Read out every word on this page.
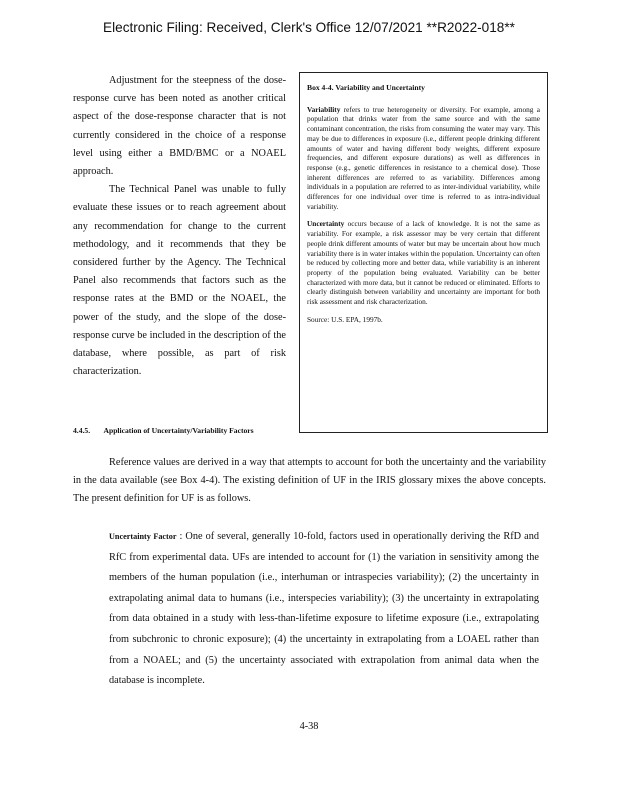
Electronic Filing: Received, Clerk's Office 12/07/2021 **R2022-018**

Adjustment for the steepness of the dose-response curve has been noted as another critical aspect of the dose-response character that is not currently considered in the choice of a response level using either a BMD/BMC or a NOAEL approach.

The Technical Panel was unable to fully evaluate these issues or to reach agreement about any recommendation for change to the current methodology, and it recommends that they be considered further by the Agency. The Technical Panel also recommends that factors such as the response rates at the BMD or the NOAEL, the power of the study, and the slope of the dose-response curve be included in the description of the database, where possible, as part of risk characterization.

Box 4-4. Variability and Uncertainty

Variability refers to true heterogeneity or diversity. For example, among a population that drinks water from the same source and with the same contaminant concentration, the risks from consuming the water may vary. This may be due to differences in exposure (i.e., different people drinking different amounts of water and having different body weights, different exposure frequencies, and different exposure durations) as well as differences in response (e.g., genetic differences in resistance to a chemical dose). Those inherent differences are referred to as variability. Differences among individuals in a population are referred to as inter-individual variability, while differences for one individual over time is referred to as intra-individual variability.

Uncertainty occurs because of a lack of knowledge. It is not the same as variability. For example, a risk assessor may be very certain that different people drink different amounts of water but may be uncertain about how much variability there is in water intakes within the population. Uncertainty can often be reduced by collecting more and better data, while variability is an inherent property of the population being evaluated. Variability can be better characterized with more data, but it cannot be reduced or eliminated. Efforts to clearly distinguish between variability and uncertainty are important for both risk assessment and risk characterization.

Source: U.S. EPA, 1997b.

4.4.5. Application of Uncertainty/Variability Factors

Reference values are derived in a way that attempts to account for both the uncertainty and the variability in the data available (see Box 4-4). The existing definition of UF in the IRIS glossary mixes the above concepts. The present definition for UF is as follows.

Uncertainty Factor : One of several, generally 10-fold, factors used in operationally deriving the RfD and RfC from experimental data. UFs are intended to account for (1) the variation in sensitivity among the members of the human population (i.e., interhuman or intraspecies variability); (2) the uncertainty in extrapolating animal data to humans (i.e., interspecies variability); (3) the uncertainty in extrapolating from data obtained in a study with less-than-lifetime exposure to lifetime exposure (i.e., extrapolating from subchronic to chronic exposure); (4) the uncertainty in extrapolating from a LOAEL rather than from a NOAEL; and (5) the uncertainty associated with extrapolation from animal data when the database is incomplete.
4-38
